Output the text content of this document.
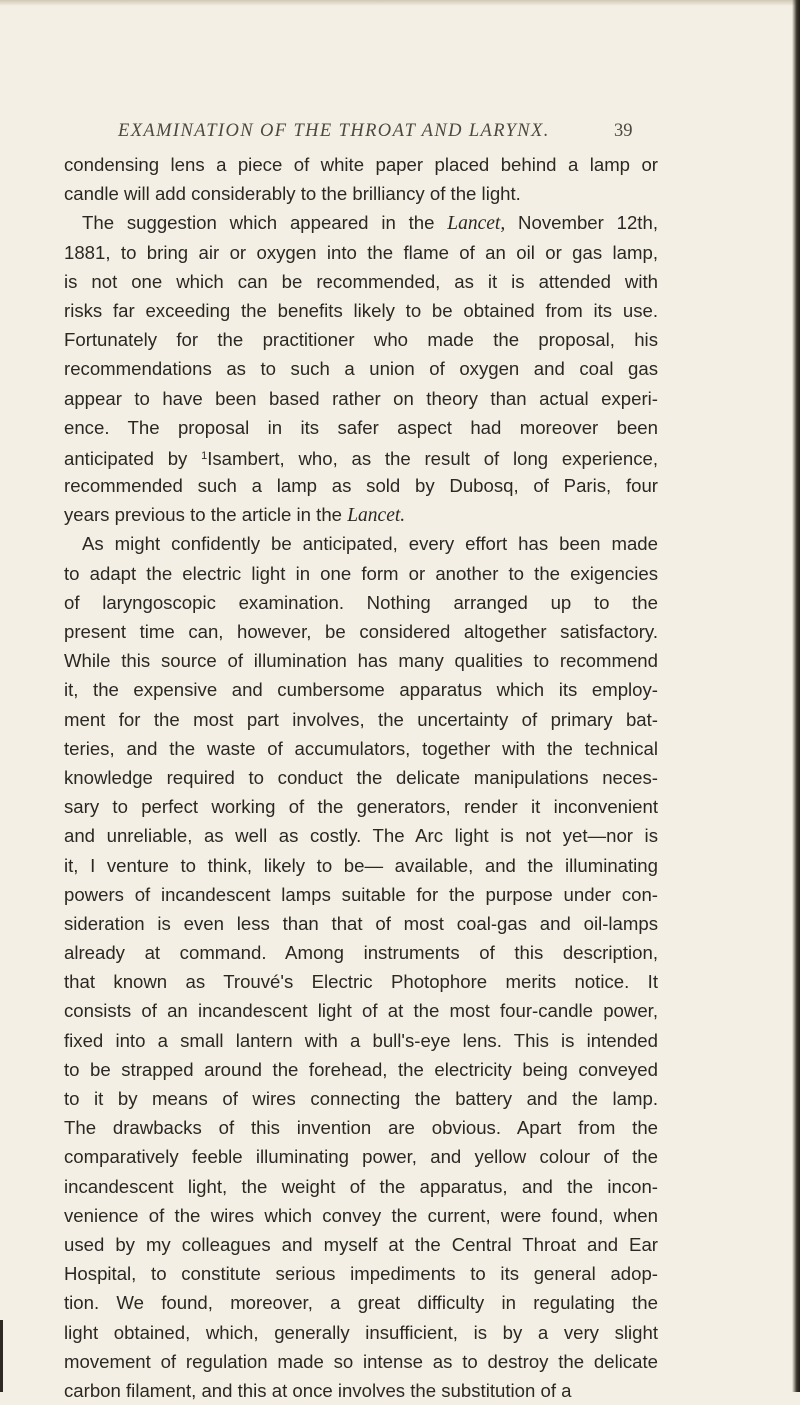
EXAMINATION OF THE THROAT AND LARYNX.	39
condensing lens a piece of white paper placed behind a lamp or
candle will add considerably to the brilliancy of the light.
The suggestion which appeared in the Lancet, November 12th,
1881, to bring air or oxygen into the flame of an oil or gas lamp,
is not one which can be recommended, as it is attended with
risks far exceeding the benefits likely to be obtained from its use.
Fortunately for the practitioner who made the proposal, his
recommendations as to such a union of oxygen and coal gas
appear to have been based rather on theory than actual experi-
ence. The proposal in its safer aspect had moreover been
anticipated by $^1$Isambert, who, as the result of long experience,
recommended such a lamp as sold by Dubosq, of Paris, four
years previous to the article in the Lancet.
As might confidently be anticipated, every effort has been made
to adapt the electric light in one form or another to the exigencies
of laryngoscopic examination. Nothing arranged up to the
present time can, however, be considered altogether satisfactory.
While this source of illumination has many qualities to recommend
it, the expensive and cumbersome apparatus which its employ-
ment for the most part involves, the uncertainty of primary bat-
teries, and the waste of accumulators, together with the technical
knowledge required to conduct the delicate manipulations neces-
sary to perfect working of the generators, render it inconvenient
and unreliable, as well as costly. The Arc light is not yet—nor is
it, I venture to think, likely to be— available, and the illuminating
powers of incandescent lamps suitable for the purpose under con-
sideration is even less than that of most coal-gas and oil-lamps
already at command. Among instruments of this description,
that known as Trouvé's Electric Photophore merits notice. It
consists of an incandescent light of at the most four-candle power,
fixed into a small lantern with a bull's-eye lens. This is intended
to be strapped around the forehead, the electricity being conveyed
to it by means of wires connecting the battery and the lamp.
The drawbacks of this invention are obvious. Apart from the
comparatively feeble illuminating power, and yellow colour of the
incandescent light, the weight of the apparatus, and the incon-
venience of the wires which convey the current, were found, when
used by my colleagues and myself at the Central Throat and Ear
Hospital, to constitute serious impediments to its general adop-
tion. We found, moreover, a great difficulty in regulating the
light obtained, which, generally insufficient, is by a very slight
movement of regulation made so intense as to destroy the delicate
carbon filament, and this at once involves the substitution of a
